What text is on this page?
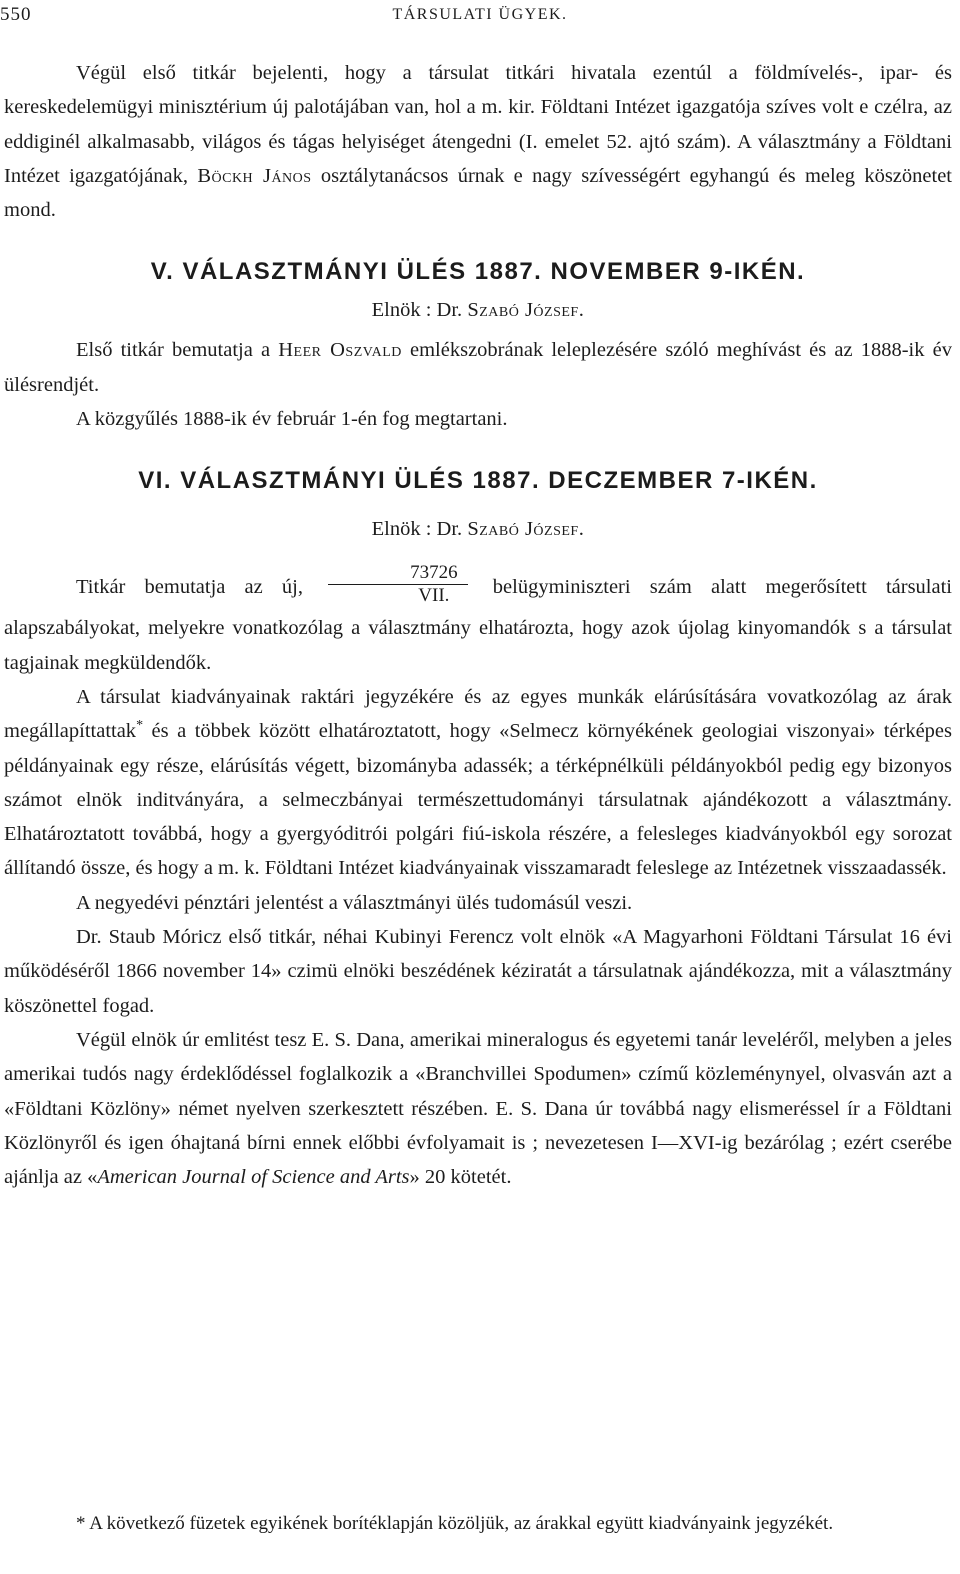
550	TÁRSULATI ÜGYEK.

Végül első titkár bejelenti, hogy a társulat titkári hivatala ezentúl a földmívelés-, ipar- és kereskedelemügyi minisztérium új palotájában van, hol a m. kir. Földtani Intézet igazgatója szíves volt e czélra, az eddiginél alkalmasabb, világos és tágas helyiséget átengedni (I. emelet 52. ajtó szám). A választmány a Földtani Intézet igazgatójának, Böckh János osztálytanácsos úrnak e nagy szívességért egyhangú és meleg köszönetet mond.

V. VÁLASZTMÁNYI ÜLÉS 1887. NOVEMBER 9-IKÉN.
Elnök : Dr. Szabó József.

Első titkár bemutatja a Heer Oszvald emlékszobrának leleplezésére szóló meghívást és az 1888-ik év ülésrendjét.

A közgyűlés 1888-ik év február 1-én fog megtartani.

VI. VÁLASZTMÁNYI ÜLÉS 1887. DECZEMBER 7-IKÉN.
Elnök : Dr. Szabó József.

Titkár bemutatja az új, $\frac{73726}{\text{VII.}}$ belügyminiszteri szám alatt megerősített társulati alapszabályokat, melyekre vonatkozólag a választmány elhatározta, hogy azok újolag kinyomandók s a társulat tagjainak megküldendők.

A társulat kiadványainak raktári jegyzékére és az egyes munkák elárúsítására vovatkozólag az árak megállapíttattak* és a többek között elhatároztatott, hogy «Selmecz környékének geologiai viszonyai» térképes példányainak egy része, elárúsítás végett, bizományba adassék; a térképnélküli példányokból pedig egy bizonyos számot elnök inditványára, a selmeczbányai természettudományi társulatnak ajándékozott a választmány. Elhatároztatott továbbá, hogy a gyergyóditrói polgári fiú-iskola részére, a felesleges kiadványokból egy sorozat állítandó össze, és hogy a m. k. Földtani Intézet kiadványainak visszamaradt feleslege az Intézetnek visszaadassék.

A negyedévi pénztári jelentést a választmányi ülés tudomásúl veszi.

Dr. Staub Móricz első titkár, néhai Kubinyi Ferencz volt elnök «A Magyarhoni Földtani Társulat 16 évi működéséről 1866 november 14» czimü elnöki beszédének kéziratát a társulatnak ajándékozza, mit a választmány köszönettel fogad.

Végül elnök úr emlitést tesz E. S. Dana, amerikai mineralogus és egyetemi tanár leveléről, melyben a jeles amerikai tudós nagy érdeklődéssel foglalkozik a «Branchvillei Spodumen» czímű közleménynyel, olvasván azt a «Földtani Közlöny» német nyelven szerkesztett részében. E. S. Dana úr továbbá nagy elismeréssel ír a Földtani Közlönyről és igen óhajtaná bírni ennek előbbi évfolyamait is ; nevezetesen I—XVI-ig bezárólag ; ezért cserébe ajánlja az «American Journal of Science and Arts» 20 kötetét.

* A következő füzetek egyikének borítéklapján közöljük, az árakkal együtt kiadványaink jegyzékét.
